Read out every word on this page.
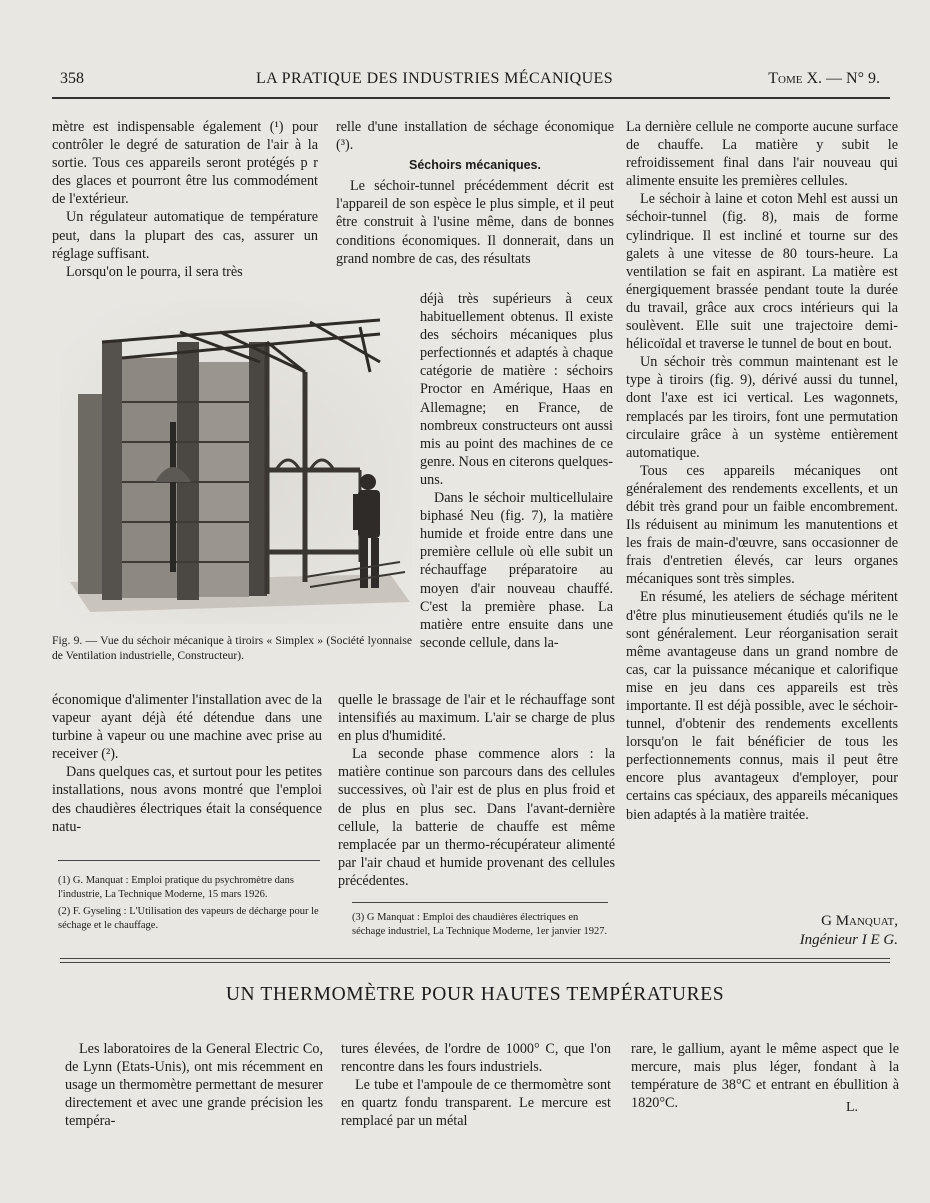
358	LA PRATIQUE DES INDUSTRIES MÉCANIQUES	Tome X. — N° 9.

mètre est indispensable également (¹) pour contrôler le degré de saturation de l'air à la sortie. Tous ces appareils seront protégés p r des glaces et pourront être lus commodément de l'extérieur.

Un régulateur automatique de température peut, dans la plupart des cas, assurer un réglage suffisant.

Lorsqu'on le pourra, il sera très

relle d'une installation de séchage économique (³).

Séchoirs mécaniques.

Le séchoir-tunnel précédemment décrit est l'appareil de son espèce le plus simple, et il peut être construit à l'usine même, dans de bonnes conditions économiques. Il donnerait, dans un grand nombre de cas, des résultats

déjà très supérieurs à ceux habituellement obtenus. Il existe des séchoirs mécaniques plus perfectionnés et adaptés à chaque catégorie de matière : séchoirs Proctor en Amérique, Haas en Allemagne; en France, de nombreux constructeurs ont aussi mis au point des machines de ce genre. Nous en citerons quelques-uns.

Dans le séchoir multicellulaire biphasé Neu (fig. 7), la matière humide et froide entre dans une première cellule où elle subit un réchauffage préparatoire au moyen d'air nouveau chauffé. C'est la première phase. La matière entre ensuite dans une seconde cellule, dans la-

Fig. 9. — Vue du séchoir mécanique à tiroirs « Simplex » (Société lyonnaise de Ventilation industrielle, Constructeur).

économique d'alimenter l'installation avec de la vapeur ayant déjà été détendue dans une turbine à vapeur ou une machine avec prise au receiver (²).

Dans quelques cas, et surtout pour les petites installations, nous avons montré que l'emploi des chaudières électriques était la conséquence natu-

quelle le brassage de l'air et le réchauffage sont intensifiés au maximum. L'air se charge de plus en plus d'humidité.

La seconde phase commence alors : la matière continue son parcours dans des cellules successives, où l'air est de plus en plus froid et de plus en plus sec. Dans l'avant-dernière cellule, la batterie de chauffe est même remplacée par un thermo-récupérateur alimenté par l'air chaud et humide provenant des cellules précédentes.

La dernière cellule ne comporte aucune surface de chauffe. La matière y subit le refroidissement final dans l'air nouveau qui alimente ensuite les premières cellules.

Le séchoir à laine et coton Mehl est aussi un séchoir-tunnel (fig. 8), mais de forme cylindrique. Il est incliné et tourne sur des galets à une vitesse de 80 tours-heure. La ventilation se fait en aspirant. La matière est énergiquement brassée pendant toute la durée du travail, grâce aux crocs intérieurs qui la soulèvent. Elle suit une trajectoire demi-hélicoïdal et traverse le tunnel de bout en bout.

Un séchoir très commun maintenant est le type à tiroirs (fig. 9), dérivé aussi du tunnel, dont l'axe est ici vertical. Les wagonnets, remplacés par les tiroirs, font une permutation circulaire grâce à un système entièrement automatique.

Tous ces appareils mécaniques ont généralement des rendements excellents, et un débit très grand pour un faible encombrement. Ils réduisent au minimum les manutentions et les frais de main-d'œuvre, sans occasionner de frais d'entretien élevés, car leurs organes mécaniques sont très simples.

En résumé, les ateliers de séchage méritent d'être plus minutieusement étudiés qu'ils ne le sont généralement. Leur réorganisation serait même avantageuse dans un grand nombre de cas, car la puissance mécanique et calorifique mise en jeu dans ces appareils est très importante. Il est déjà possible, avec le séchoir-tunnel, d'obtenir des rendements excellents lorsqu'on le fait bénéficier de tous les perfectionnements connus, mais il peut être encore plus avantageux d'employer, pour certains cas spéciaux, des appareils mécaniques bien adaptés à la matière traitée.

(1) G. Manquat : Emploi pratique du psychromètre dans l'industrie, La Technique Moderne, 15 mars 1926.

(2) F. Gyseling : L'Utilisation des vapeurs de décharge pour le séchage et le chauffage.

(3) G Manquat : Emploi des chaudières électriques en séchage industriel, La Technique Moderne, 1er janvier 1927.
G Manquat,
Ingénieur I E G.
UN THERMOMÈTRE POUR HAUTES TEMPÉRATURES

Les laboratoires de la General Electric Co, de Lynn (Etats-Unis), ont mis récemment en usage un thermomètre permettant de mesurer directement et avec une grande précision les tempéra-

tures élevées, de l'ordre de 1000° C, que l'on rencontre dans les fours industriels.

Le tube et l'ampoule de ce thermomètre sont en quartz fondu transparent. Le mercure est remplacé par un métal

rare, le gallium, ayant le même aspect que le mercure, mais plus léger, fondant à la température de 38°C et entrant en ébullition à 1820°C.	L.
